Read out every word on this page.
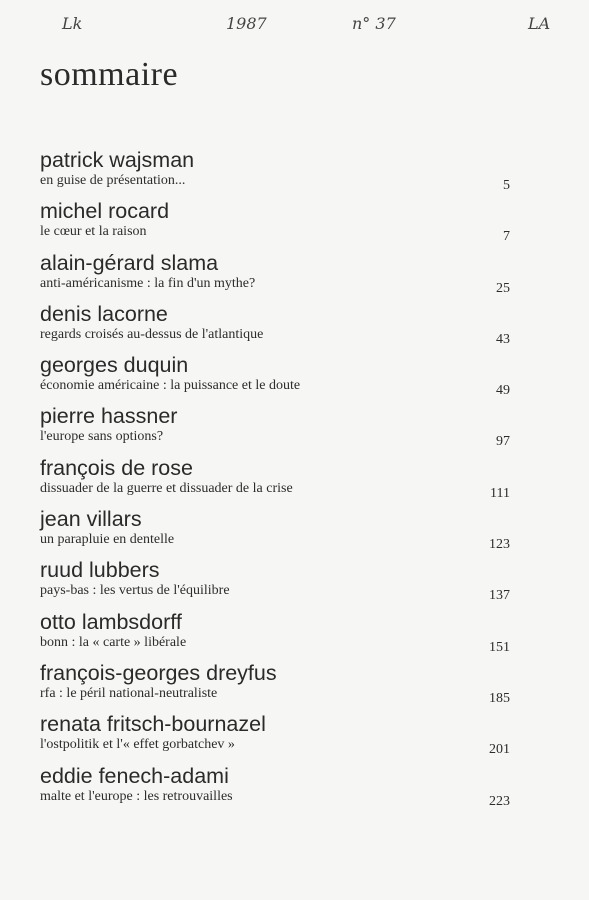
Lk	1987	n° 37	LA
sommaire
patrick wajsman
en guise de présentation...	5
michel rocard
le cœur et la raison	7
alain-gérard slama
anti-américanisme : la fin d'un mythe?	25
denis lacorne
regards croisés au-dessus de l'atlantique	43
georges duquin
économie américaine : la puissance et le doute	49
pierre hassner
l'europe sans options?	97
françois de rose
dissuader de la guerre et dissuader de la crise	111
jean villars
un parapluie en dentelle	123
ruud lubbers
pays-bas : les vertus de l'équilibre	137
otto lambsdorff
bonn : la « carte » libérale	151
françois-georges dreyfus
rfa : le péril national-neutraliste	185
renata fritsch-bournazel
l'ostpolitik et l'« effet gorbatchev »	201
eddie fenech-adami
malte et l'europe : les retrouvailles	223
